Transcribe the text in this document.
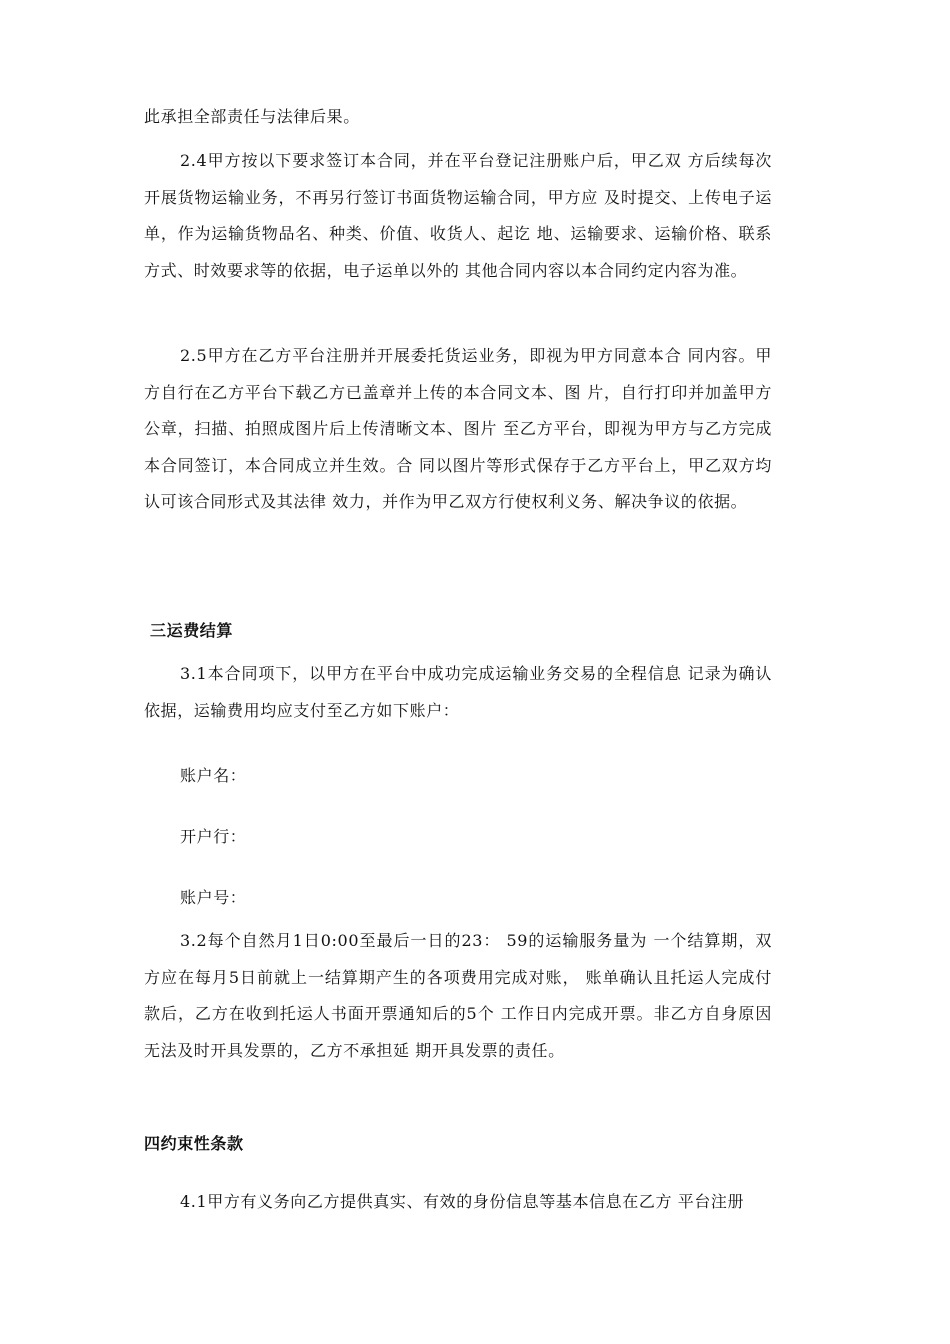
此承担全部责任与法律后果。

2.4甲方按以下要求签订本合同，并在平台登记注册账户后，甲乙双 方后续每次开展货物运输业务，不再另行签订书面货物运输合同，甲方应 及时提交、上传电子运单，作为运输货物品名、种类、价值、收货人、起讫 地、运输要求、运输价格、联系方式、时效要求等的依据，电子运单以外的 其他合同内容以本合同约定内容为准。

2.5甲方在乙方平台注册并开展委托货运业务，即视为甲方同意本合 同内容。甲方自行在乙方平台下载乙方已盖章并上传的本合同文本、图 片，自行打印并加盖甲方公章，扫描、拍照成图片后上传清晰文本、图片 至乙方平台，即视为甲方与乙方完成本合同签订，本合同成立并生效。合 同以图片等形式保存于乙方平台上，甲乙双方均认可该合同形式及其法律 效力，并作为甲乙双方行使权利义务、解决争议的依据。

三运费结算

3.1本合同项下，以甲方在平台中成功完成运输业务交易的全程信息 记录为确认依据，运输费用均应支付至乙方如下账户：

账户名：

开户行：

账户号：

3.2每个自然月1日0:00至最后一日的23： 59的运输服务量为 一个结算期，双方应在每月5日前就上一结算期产生的各项费用完成对账， 账单确认且托运人完成付款后，乙方在收到托运人书面开票通知后的5个 工作日内完成开票。非乙方自身原因无法及时开具发票的，乙方不承担延 期开具发票的责任。

四约束性条款

4.1甲方有义务向乙方提供真实、有效的身份信息等基本信息在乙方 平台注册
